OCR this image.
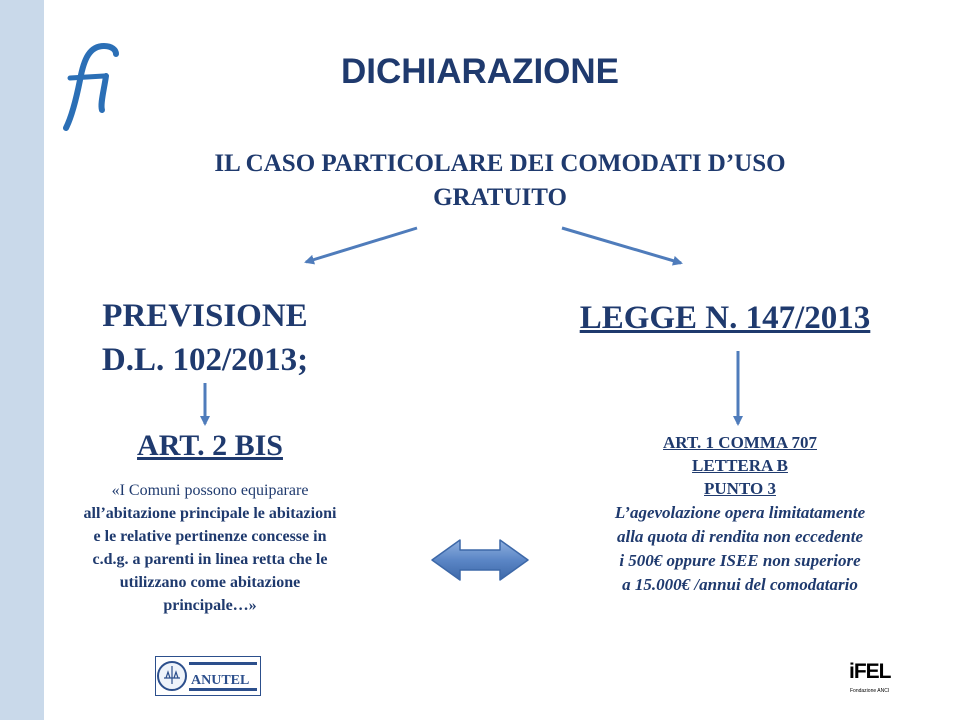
DICHIARAZIONE
IL CASO PARTICOLARE DEI COMODATI D’USO
GRATUITO
PREVISIONE
D.L. 102/2013;
LEGGE N. 147/2013
ART. 2 BIS
«I Comuni possono equiparare
all’abitazione principale le abitazioni
e le relative pertinenze concesse in
c.d.g. a parenti in linea retta che le
utilizzano come abitazione
principale…»
ART. 1 COMMA 707
LETTERA B
PUNTO 3
L’agevolazione opera limitatamente
alla quota di rendita non eccedente
i 500€ oppure ISEE non superiore
a 15.000€ /annui del comodatario
ANUTEL	iFEL
Fondazione ANCI
